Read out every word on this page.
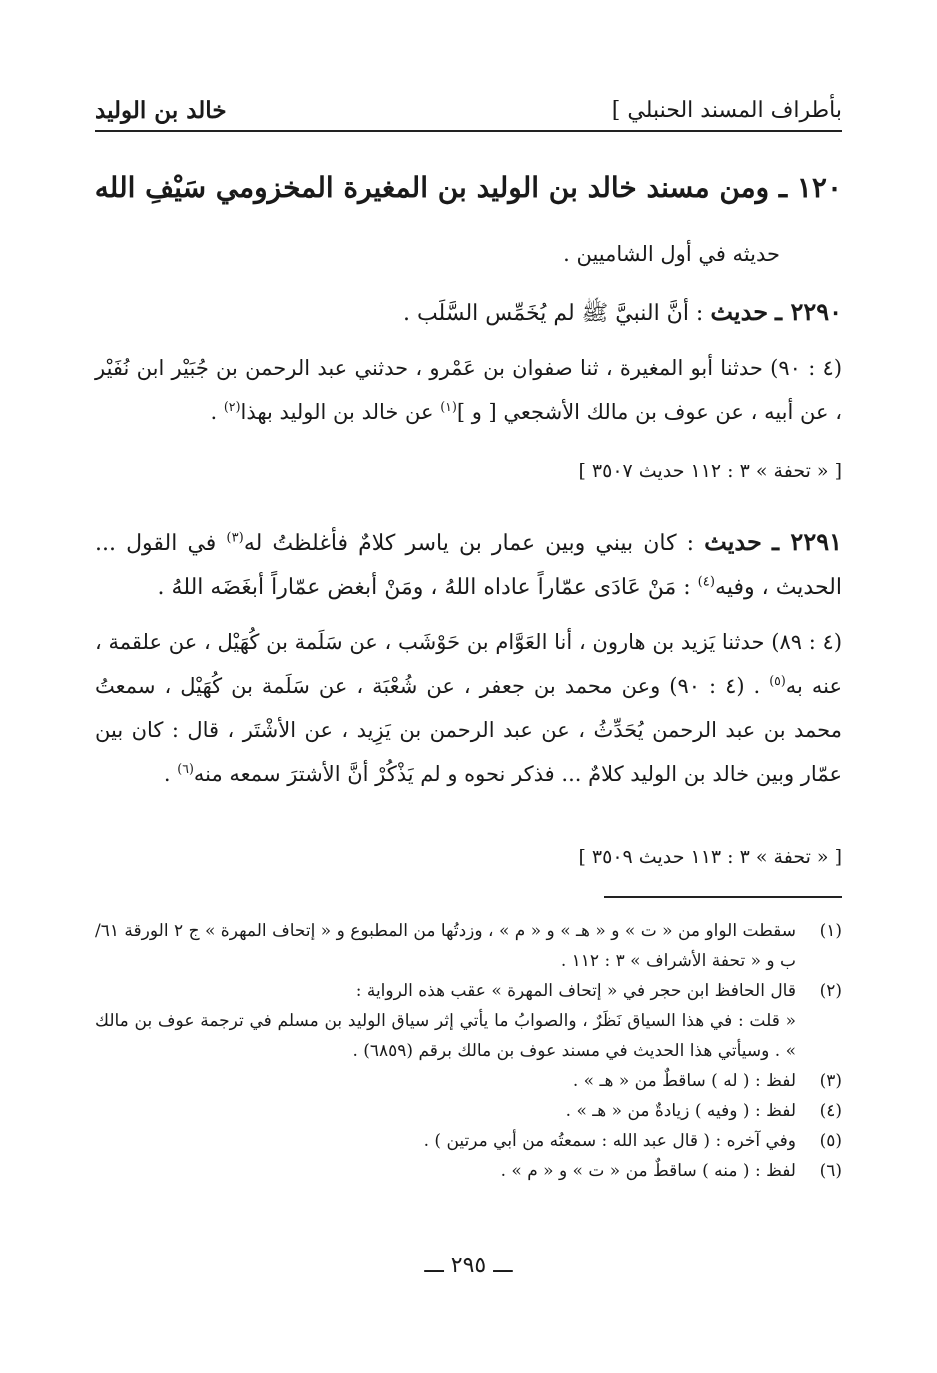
بأطراف المسند الحنبلي ]
خالد بن الوليد
١٢٠ ـ ومن مسند خالد بن الوليد بن المغيرة المخزومي سَيْفِ الله
حديثه في أول الشاميين .
٢٢٩٠ ـ حديث : أنَّ النبيَّ ﷺ لم يُخَمِّس السَّلَب .
(٤ : ٩٠) حدثنا أبو المغيرة ، ثنا صفوان بن عَمْرو ، حدثني عبد الرحمن بن جُبَيْر ابن نُفَيْر ، عن أبيه ، عن عوف بن مالك الأشجعي [ و ]$^{(١)}$ عن خالد بن الوليد بهذا$^{(٢)}$ .
[ « تحفة » ٣ : ١١٢ حديث ٣٥٠٧ ]
٢٢٩١ ـ حديث : كان بيني وبين عمار بن ياسر كلامٌ فأغلظتُ له$^{(٣)}$ في القول ... الحديث ، وفيه$^{(٤)}$ : مَنْ عَادَى عمّاراً عاداه اللهُ ، ومَنْ أبغض عمّاراً أبغَضَه اللهُ .
(٤ : ٨٩) حدثنا يَزيد بن هارون ، أنا العَوَّام بن حَوْشَب ، عن سَلَمة بن كُهَيْل ، عن علقمة ، عنه به$^{(٥)}$ . (٤ : ٩٠) وعن محمد بن جعفر ، عن شُعْبَة ، عن سَلَمة بن كُهَيْل ، سمعتُ محمد بن عبد الرحمن يُحَدِّثُ ، عن عبد الرحمن بن يَزِيد ، عن الأشْتَر ، قال : كان بين عمّار وبين خالد بن الوليد كلامٌ ... فذكر نحوه و لم يَذْكُرْ أنَّ الأشترَ سمعه منه$^{(٦)}$ .
[ « تحفة » ٣ : ١١٣ حديث ٣٥٠٩ ]
(١)
سقطت الواو من « ت » و « هـ » و « م » ، وزدتُها من المطبوع و « إتحاف المهرة » ج ٢ الورقة ٦١/ ب و « تحفة الأشراف » ٣ : ١١٢ .
(٢)
قال الحافظ ابن حجر في « إتحاف المهرة » عقب هذه الرواية :
« قلت : في هذا السياق نَظَرٌ ، والصوابُ ما يأتي إثر سياق الوليد بن مسلم في ترجمة عوف بن مالك » . وسيأتي هذا الحديث في مسند عوف بن مالك برقم (٦٨٥٩) .
(٣)
لفظ : ( له ) ساقطٌ من « هـ » .
(٤)
لفظ : ( وفيه ) زيادةٌ من « هـ » .
(٥)
وفي آخره : ( قال عبد الله : سمعتُه من أبي مرتين ) .
(٦)
لفظ : ( منه ) ساقطٌ من « ت » و « م » .
ـــ ٢٩٥ ـــ
